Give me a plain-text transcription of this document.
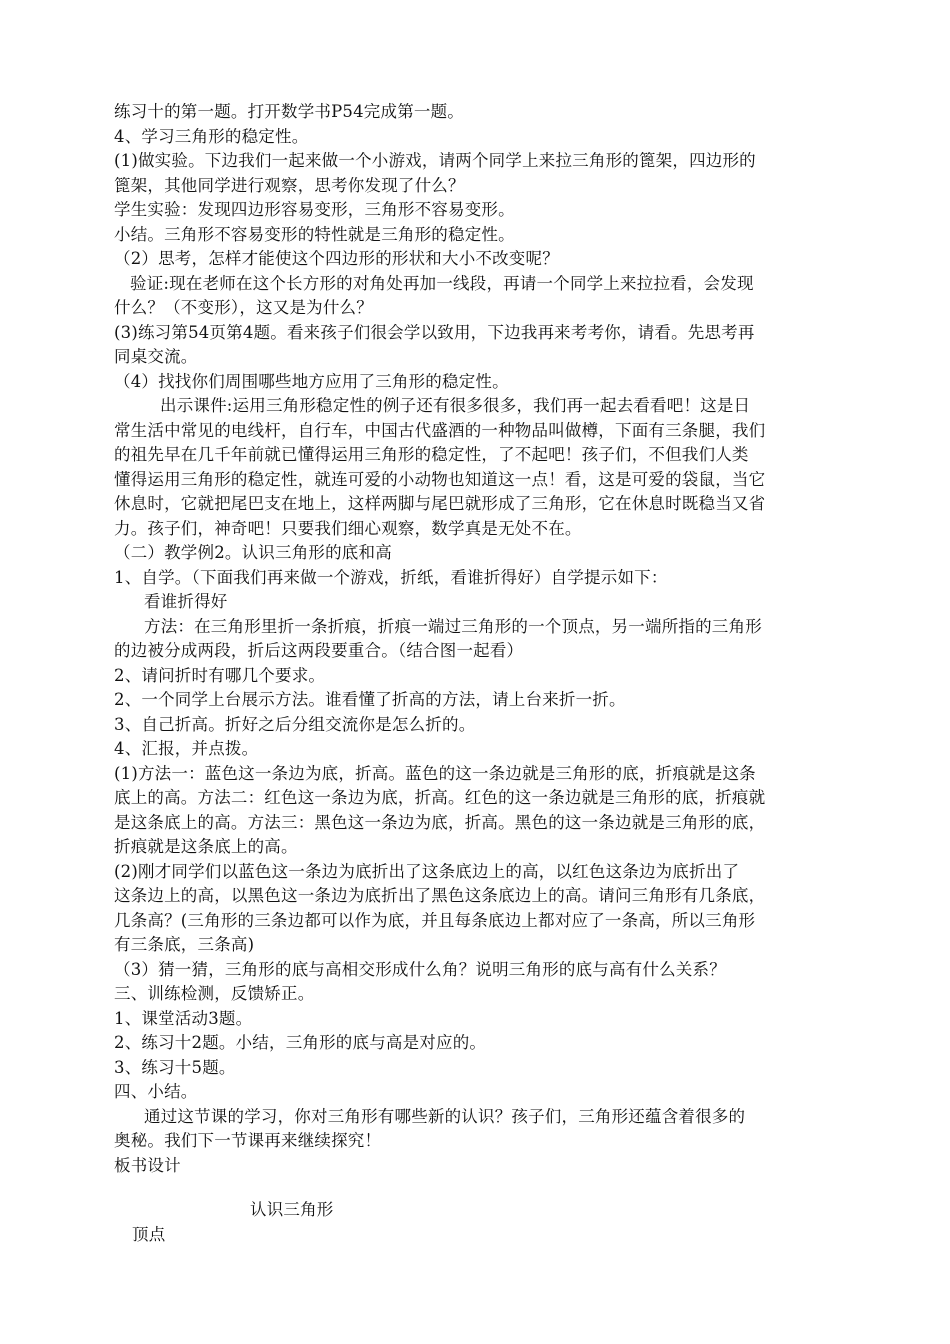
练习十的第一题。打开数学书P54完成第一题。
4、学习三角形的稳定性。
(1)做实验。下边我们一起来做一个小游戏，请两个同学上来拉三角形的篦架，四边形的
篦架，其他同学进行观察，思考你发现了什么？
学生实验：发现四边形容易变形，三角形不容易变形。
小结。三角形不容易变形的特性就是三角形的稳定性。
（2）思考，怎样才能使这个四边形的形状和大小不改变呢？
验证:现在老师在这个长方形的对角处再加一线段，再请一个同学上来拉拉看，会发现
什么？（不变形），这又是为什么？
(3)练习第54页第4题。看来孩子们很会学以致用，下边我再来考考你，请看。先思考再
同桌交流。
（4）找找你们周围哪些地方应用了三角形的稳定性。
出示课件:运用三角形稳定性的例子还有很多很多，我们再一起去看看吧！这是日
常生活中常见的电线杆，自行车，中国古代盛酒的一种物品叫做樽，下面有三条腿，我们
的祖先早在几千年前就已懂得运用三角形的稳定性，了不起吧！孩子们，不但我们人类
懂得运用三角形的稳定性，就连可爱的小动物也知道这一点！看，这是可爱的袋鼠，当它
休息时，它就把尾巴支在地上，这样两脚与尾巴就形成了三角形，它在休息时既稳当又省
力。孩子们，神奇吧！只要我们细心观察，数学真是无处不在。
（二）教学例2。认识三角形的底和高
1、自学。（下面我们再来做一个游戏，折纸，看谁折得好）自学提示如下：
看谁折得好
方法：在三角形里折一条折痕，折痕一端过三角形的一个顶点，另一端所指的三角形
的边被分成两段，折后这两段要重合。（结合图一起看）
2、请问折时有哪几个要求。
2、一个同学上台展示方法。谁看懂了折高的方法，请上台来折一折。
3、自己折高。折好之后分组交流你是怎么折的。
4、汇报，并点拨。
(1)方法一：蓝色这一条边为底，折高。蓝色的这一条边就是三角形的底，折痕就是这条
底上的高。方法二：红色这一条边为底，折高。红色的这一条边就是三角形的底，折痕就
是这条底上的高。方法三：黑色这一条边为底，折高。黑色的这一条边就是三角形的底，
折痕就是这条底上的高。
(2)刚才同学们以蓝色这一条边为底折出了这条底边上的高，以红色这条边为底折出了
这条边上的高，以黑色这一条边为底折出了黑色这条底边上的高。请问三角形有几条底，
几条高？(三角形的三条边都可以作为底，并且每条底边上都对应了一条高，所以三角形
有三条底，三条高)
（3）猜一猜，三角形的底与高相交形成什么角？说明三角形的底与高有什么关系？
三、训练检测，反馈矫正。
1、课堂活动3题。
2、练习十2题。小结，三角形的底与高是对应的。
3、练习十5题。
四、小结。
通过这节课的学习，你对三角形有哪些新的认识？孩子们，三角形还蕴含着很多的
奥秘。我们下一节课再来继续探究！
板书设计
认识三角形
顶点
